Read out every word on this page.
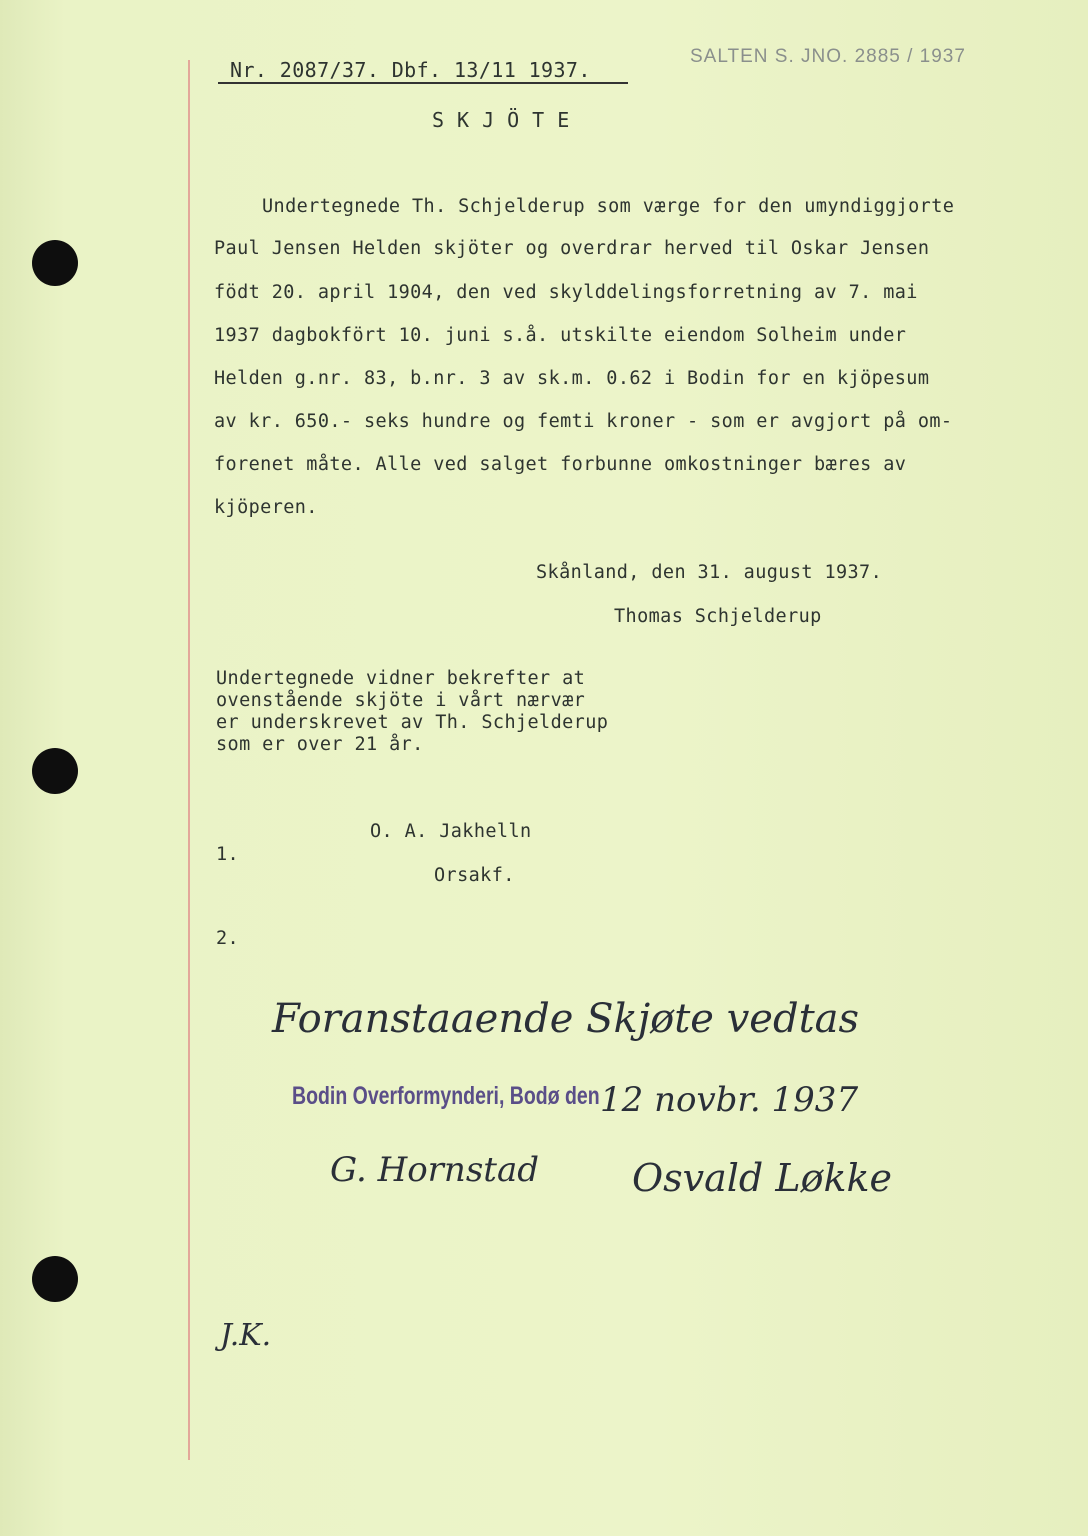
Nr. 2087/37. Dbf. 13/11 1937.
SALTEN S. JNO. 2885 / 1937
SKJÖTE
Undertegnede Th. Schjelderup som værge for den umyndiggjorte
Paul Jensen Helden skjöter og overdrar herved til Oskar Jensen
födt 20. april 1904, den ved skylddelingsforretning av 7. mai
1937 dagbokfört 10. juni s.å. utskilte eiendom Solheim under
Helden g.nr. 83, b.nr. 3 av sk.m. 0.62 i Bodin for en kjöpesum
av kr. 650.- seks hundre og femti kroner - som er avgjort på om-
forenet måte. Alle ved salget forbunne omkostninger bæres av
kjöperen.
Skånland, den 31. august 1937.
Thomas Schjelderup
Undertegnede vidner bekrefter at
ovenstående skjöte i vårt nærvær
er underskrevet av Th. Schjelderup
som er over 21 år.
O. A. Jakhelln
1.
Orsakf.
2.
Foranstaaende Skjøte vedtas
Bodin Overformynderi, Bodø den 12 novbr. 1937
G. Hornstad Osvald Løkke
J.K.
